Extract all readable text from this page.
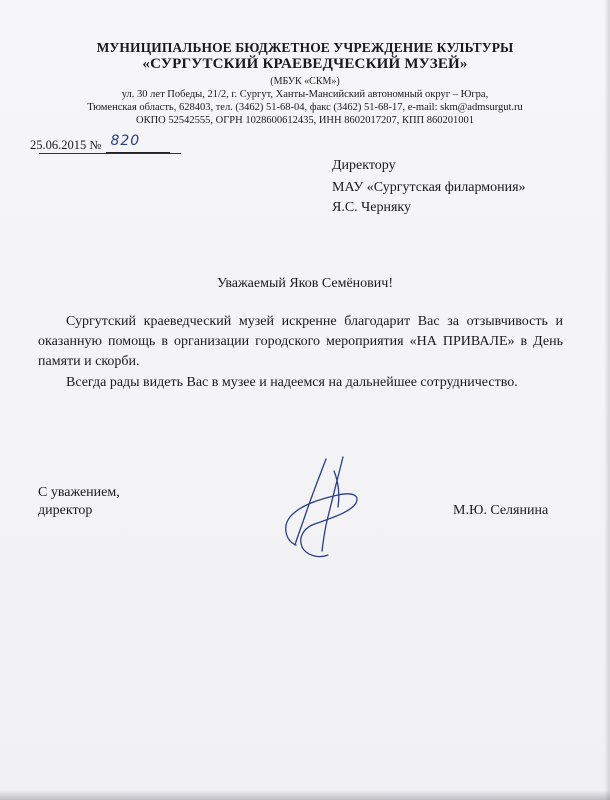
МУНИЦИПАЛЬНОЕ БЮДЖЕТНОЕ УЧРЕЖДЕНИЕ КУЛЬТУРЫ
«СУРГУТСКИЙ КРАЕВЕДЧЕСКИЙ МУЗЕЙ»
(МБУК «СКМ»)
ул. 30 лет Победы, 21/2, г. Сургут, Ханты-Мансийский автономный округ – Югра,
Тюменская область, 628403, тел. (3462) 51-68-04, факс (3462) 51-68-17, e-mail: skm@admsurgut.ru
ОКПО 52542555, ОГРН 1028600612435, ИНН 8602017207, КПП 860201001
25.06.2015 № 820
Директору
МАУ «Сургутская филармония»
Я.С. Черняку
Уважаемый Яков Семёнович!
Сургутский краеведческий музей искренне благодарит Вас за отзывчивость и оказанную помощь в организации городского мероприятия «НА ПРИВАЛЕ» в День памяти и скорби.
Всегда рады видеть Вас в музее и надеемся на дальнейшее сотрудничество.
С уважением,
директор	М.Ю. Селянина
